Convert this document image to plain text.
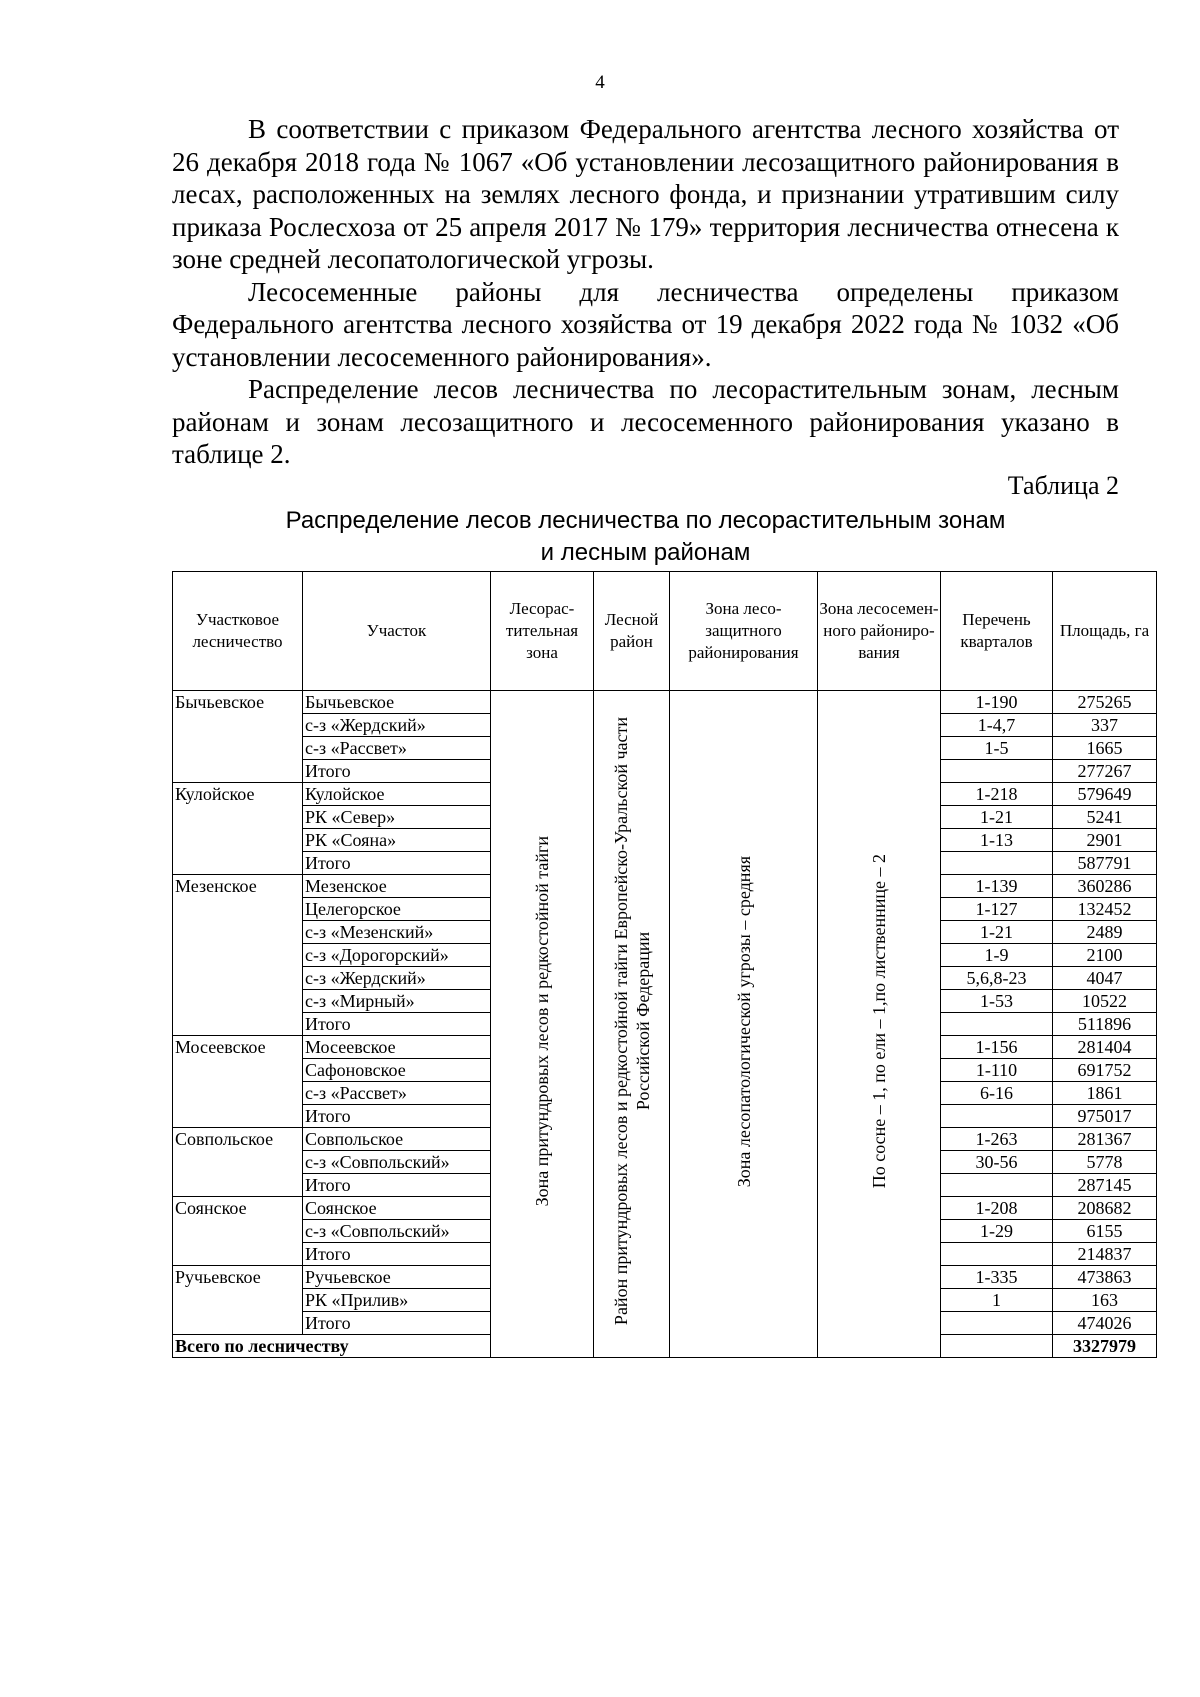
4

В соответствии с приказом Федерального агентства лесного хозяйства от 26 декабря 2018 года № 1067 «Об установлении лесозащитного районирования в лесах, расположенных на землях лесного фонда, и признании утратившим силу приказа Рослесхоза от 25 апреля 2017 № 179» территория лесничества отнесена к зоне средней лесопатологической угрозы.

Лесосеменные районы для лесничества определены приказом Федерального агентства лесного хозяйства от 19 декабря 2022 года № 1032 «Об установлении лесосеменного районирования».

Распределение лесов лесничества по лесорастительным зонам, лесным районам и зонам лесозащитного и лесосеменного районирования указано в таблице 2.

Таблица 2
Распределение лесов лесничества по лесорастительным зонам
и лесным районам
Участковое лесничество	Участок	Лесорас-тительная зона	Лесной район	Зона лесо-защитного районирования	Зона лесосемен-ного райониро-вания	Перечень кварталов	Площадь, га
Бычьевское	Бычьевское	Зона притундровых лесов и редкостойной тайги	Район притундровых лесов и редкостойной тайги Европейско-Уральской части Российской Федерации	Зона лесопатологической угрозы – средняя	По сосне – 1, по ели – 1,по лиственнице – 2	1-190	275265
	с-з «Жердский»					1-4,7	337
	с-з «Рассвет»					1-5	1665
	Итого						277267
Кулойское	Кулойское					1-218	579649
	РК «Север»					1-21	5241
	РК «Сояна»					1-13	2901
	Итого						587791
Мезенское	Мезенское					1-139	360286
	Целегорское					1-127	132452
	с-з «Мезенский»					1-21	2489
	с-з «Дорогорский»					1-9	2100
	с-з «Жердский»					5,6,8-23	4047
	с-з «Мирный»					1-53	10522
	Итого						511896
Мосеевское	Мосеевское					1-156	281404
	Сафоновское					1-110	691752
	с-з «Рассвет»					6-16	1861
	Итого						975017
Совпольское	Совпольское					1-263	281367
	с-з «Совпольский»					30-56	5778
	Итого						287145
Соянское	Соянское					1-208	208682
	с-з «Совпольский»					1-29	6155
	Итого						214837
Ручьевское	Ручьевское					1-335	473863
	РК «Прилив»					1	163
	Итого						474026
Всего по лесничеству							3327979
